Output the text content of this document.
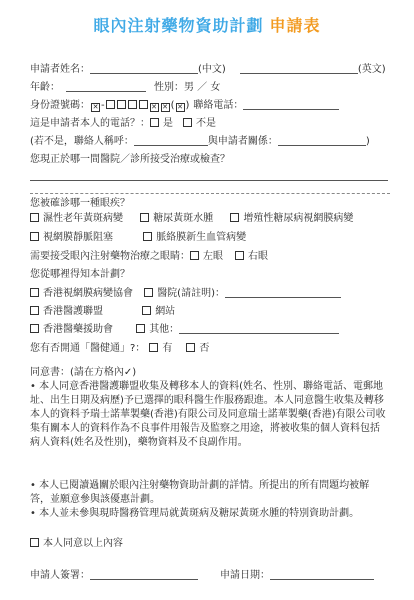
眼內注射藥物資助計劃 申請表
申請者姓名：	(中文)	(英文)
年齡：	性別：男 ／ 女
身份證號碼： ✕ -	✕ ✕ ( ✕ ) 聯絡電話：
這是申請者本人的電話？： 是 不是
(若不是，聯絡人稱呼：	與申請者關係：	)
您現正於哪一間醫院／診所接受治療或檢查？
您被確診哪一種眼疾？
濕性老年黃斑病變	糖尿黃斑水腫	增殖性糖尿病視網膜病變
視網膜靜脈阻塞	脈絡膜新生血管病變
需要接受眼內注射藥物治療之眼睛： 左眼	右眼
您從哪裡得知本計劃？
香港視網膜病變協會 醫院(請註明)：
香港醫護聯盟	網站
香港醫藥援助會	其他：
您有否開通「醫健通」?： 有	否
同意書：(請在方格內✓)
• 本人同意香港醫護聯盟收集及轉移本人的資料(姓名、性別、聯絡電話、電郵地址、出生日期及病歷)予已選擇的眼科醫生作服務跟進。本人同意醫生收集及轉移本人的資料予瑞士諾華製藥(香港)有限公司及同意瑞士諾華製藥(香港)有限公司收集有關本人的資料作為不良事件用報告及監察之用途，將被收集的個人資料包括病人資料(姓名及性別)，藥物資料及不良副作用。
• 本人已閱讀過關於眼內注射藥物資助計劃的詳情。所提出的所有問題均被解答，並願意參與該優惠計劃。
• 本人並未參與現時醫務管理局就黃斑病及糖尿黃斑水腫的特別資助計劃。
本人同意以上內容
申請人簽署：	申請日期：
